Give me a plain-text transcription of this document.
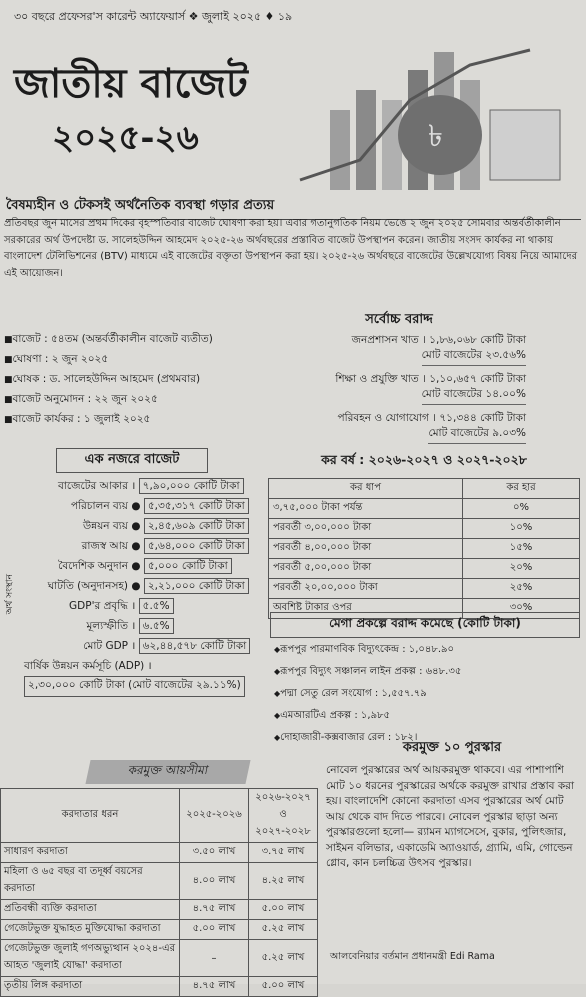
৩০ বছরে প্রফেসর'স কারেন্ট অ্যাফেয়ার্স ❖ জুলাই ২০২৫ ♦ ১৯
৳
জাতীয় বাজেট
২০২৫-২৬
বৈষম্যহীন ও টেকসই অর্থনৈতিক ব্যবস্থা গড়ার প্রত্যয়
প্রতিবছর জুন মাসের প্রথম দিকের বৃহস্পতিবার বাজেট ঘোষণা করা হয়। এবার গতানুগতিক নিয়ম ভেঙে ২ জুন ২০২৫ সোমবার অন্তর্বর্তীকালীন সরকারের অর্থ উপদেষ্টা ড. সালেহউদ্দিন আহমেদ ২০২৫-২৬ অর্থবছরের প্রস্তাবিত বাজেট উপস্থাপন করেন। জাতীয় সংসদ কার্যকর না থাকায় বাংলাদেশ টেলিভিশনের (BTV) মাধ্যমে এই বাজেটের বক্তৃতা উপস্থাপন করা হয়। ২০২৫-২৬ অর্থবছরে বাজেটের উল্লেখযোগ্য বিষয় নিয়ে আমাদের এই আয়োজন।
■ বাজেট : ৫৪তম (অন্তর্বর্তীকালীন বাজেট ব্যতীত)
■ ঘোষণা : ২ জুন ২০২৫
■ ঘোষক : ড. সালেহউদ্দিন আহমেদ (প্রথমবার)
■ বাজেট অনুমোদন : ২২ জুন ২০২৫
■ বাজেট কার্যকর : ১ জুলাই ২০২৫
সর্বোচ্চ বরাদ্দ
জনপ্রশাসন খাত । ১,৮৬,০৬৮ কোটি টাকা
মোট বাজেটের ২৩.৫৬%
শিক্ষা ও প্রযুক্তি খাত । ১,১০,৬৫৭ কোটি টাকা
মোট বাজেটের ১৪.০০%
পরিবহন ও যোগাযোগ । ৭১,৩৪৪ কোটি টাকা
মোট বাজেটের ৯.০৩%
এক নজরে বাজেট
বাজেটের আকার । ৭,৯০,০০০ কোটি টাকা
পরিচালন ব্যয় ● ৫,৩৫,৩১৭ কোটি টাকা
উন্নয়ন ব্যয় ● ২,৪৫,৬০৯ কোটি টাকা
রাজস্ব আয় ● ৫,৬৪,০০০ কোটি টাকা
বৈদেশিক অনুদান ● ৫,০০০ কোটি টাকা
ঘাটতি (অনুদানসহ) ● ২,২১,০০০ কোটি টাকা
GDP'র প্রবৃদ্ধি । ৫.৫%
মূল্যস্ফীতি । ৬.৫%
মোট GDP । ৬২,৪৪,৫৭৮ কোটি টাকা
বার্ষিক উন্নয়ন কর্মসূচি (ADP) । ২,৩০,০০০ কোটি টাকা (মোট বাজেটের ২৯.১১%)
অর্থ সংস্থান
কর বর্ষ : ২০২৬-২০২৭ ও ২০২৭-২০২৮
কর ধাপ	কর হার
৩,৭৫,০০০ টাকা পর্যন্ত	০%
পরবর্তী ৩,০০,০০০ টাকা	১০%
পরবর্তী ৪,০০,০০০ টাকা	১৫%
পরবর্তী ৫,০০,০০০ টাকা	২০%
পরবর্তী ২০,০০,০০০ টাকা	২৫%
অবশিষ্ট টাকার ওপর	৩০%
মেগা প্রকল্পে বরাদ্দ কমেছে (কোটি টাকা)
◆ রূপপুর পারমাণবিক বিদ্যুৎকেন্দ্র : ১,০৪৮.৯০
◆ রূপপুর বিদ্যুৎ সঞ্চালন লাইন প্রকল্প : ৬৪৮.৩৫
◆ পদ্মা সেতু রেল সংযোগ : ১,৫৫৭.৭৯
◆ এমআরটিএ প্রকল্প : ১,৯৮৫
◆ দোহাজারী-কক্সবাজার রেল : ১৮২।
করমুক্ত আয়সীমা
করদাতার ধরন	২০২৫-২০২৬	২০২৬-২০২৭ ও ২০২৭-২০২৮
সাধারণ করদাতা	৩.৫০ লাখ	৩.৭৫ লাখ
মহিলা ও ৬৫ বছর বা তদূর্ধ্ব বয়সের করদাতা	৪.০০ লাখ	৪.২৫ লাখ
প্রতিবন্ধী ব্যক্তি করদাতা	৪.৭৫ লাখ	৫.০০ লাখ
গেজেটভুক্ত যুদ্ধাহত মুক্তিযোদ্ধা করদাতা	৫.০০ লাখ	৫.২৫ লাখ
গেজেটভুক্ত জুলাই গণঅভ্যুত্থান ২০২৪-এর আহত 'জুলাই যোদ্ধা' করদাতা	–	৫.২৫ লাখ
তৃতীয় লিঙ্গ করদাতা	৪.৭৫ লাখ	৫.০০ লাখ
করমুক্ত ১০ পুরস্কার
নোবেল পুরস্কারের অর্থ আয়করমুক্ত থাকবে। এর পাশাপাশি মোট ১০ ধরনের পুরস্কারের অর্থকে করমুক্ত রাখার প্রস্তাব করা হয়। বাংলাদেশি কোনো করদাতা এসব পুরস্কারের অর্থ মোট আয় থেকে বাদ দিতে পারবে। নোবেল পুরস্কার ছাড়া অন্য পুরস্কারগুলো হলো— র‍্যামন ম্যাগসেসে, বুকার, পুলিৎজার, সাইমন বলিভার, একাডেমি অ্যাওয়ার্ড, গ্র্যামি, এমি, গোল্ডেন গ্লোব, কান চলচ্চিত্র উৎসব পুরস্কার।
আলবেনিয়ার বর্তমান প্রধানমন্ত্রী Edi Rama
